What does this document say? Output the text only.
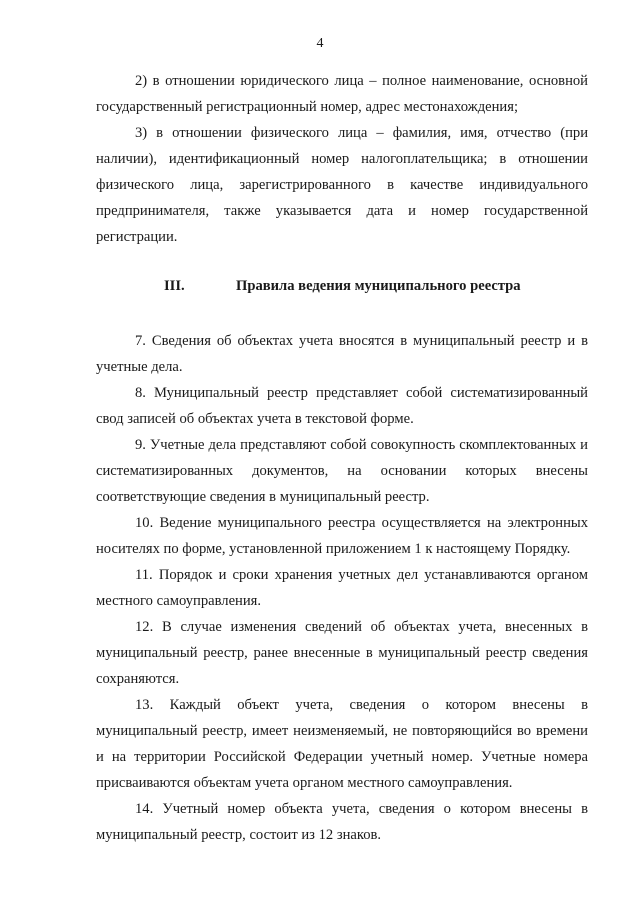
4

2) в отношении юридического лица – полное наименование, основной государственный регистрационный номер, адрес местонахождения;

3) в отношении физического лица – фамилия, имя, отчество (при наличии), идентификационный номер налогоплательщика; в отношении физического лица, зарегистрированного в качестве индивидуального предпринимателя, также указывается дата и номер государственной регистрации.

III.	Правила ведения муниципального реестра

7. Сведения об объектах учета вносятся в муниципальный реестр и в учетные дела.

8. Муниципальный реестр представляет собой систематизированный свод записей об объектах учета в текстовой форме.

9. Учетные дела представляют собой совокупность скомплектованных и систематизированных документов, на основании которых внесены соответствующие сведения в муниципальный реестр.

10. Ведение муниципального реестра осуществляется на электронных носителях по форме, установленной приложением 1 к настоящему Порядку.

11. Порядок и сроки хранения учетных дел устанавливаются органом местного самоуправления.

12. В случае изменения сведений об объектах учета, внесенных в муниципальный реестр, ранее внесенные в муниципальный реестр сведения сохраняются.

13. Каждый объект учета, сведения о котором внесены в муниципальный реестр, имеет неизменяемый, не повторяющийся во времени и на территории Российской Федерации учетный номер. Учетные номера присваиваются объектам учета органом местного самоуправления.

14. Учетный номер объекта учета, сведения о котором внесены в муниципальный реестр, состоит из 12 знаков.
